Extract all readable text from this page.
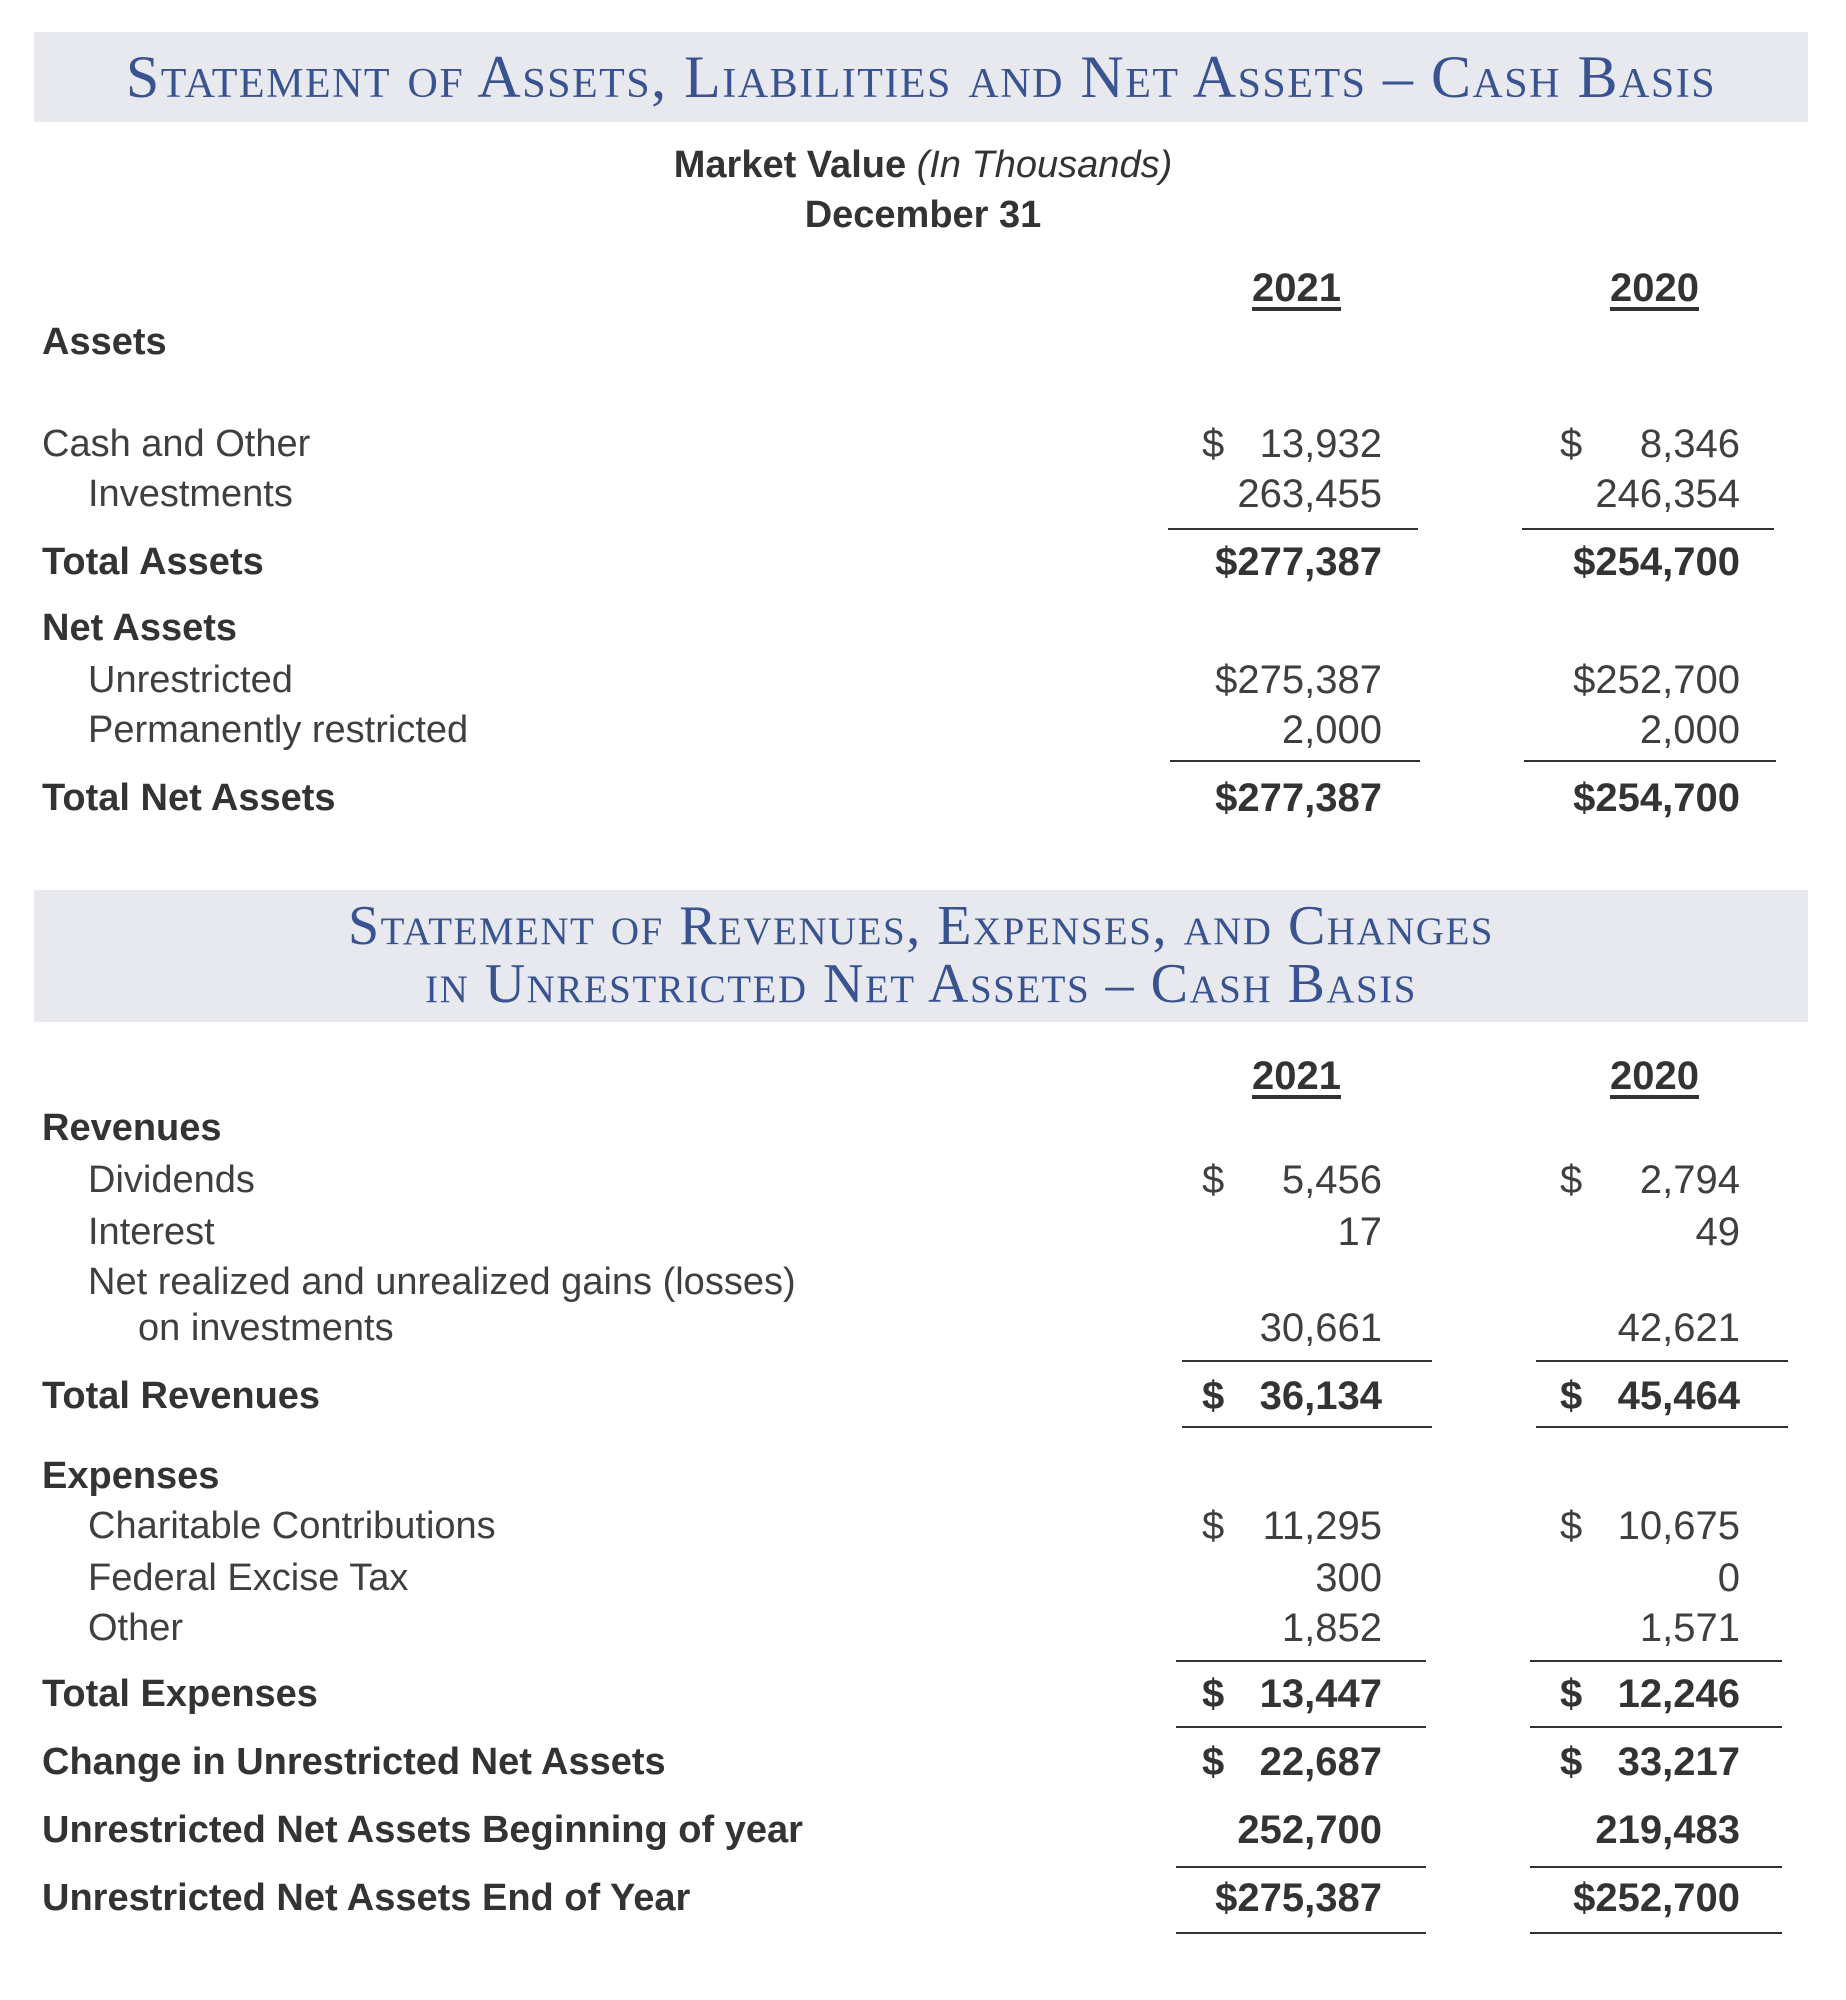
Statement of Assets, Liabilities and Net Assets – Cash Basis
Market Value (In Thousands)
December 31
2021	2020
Assets
Cash and Other	$ 13,932	$ 8,346
Investments	263,455	246,354
Total Assets	$277,387	$254,700
Net Assets
Unrestricted	$275,387	$252,700
Permanently restricted	2,000	2,000
Total Net Assets	$277,387	$254,700
Statement of Revenues, Expenses, and Changes
in Unrestricted Net Assets – Cash Basis
2021	2020
Revenues
Dividends	$ 5,456	$ 2,794
Interest	17	49
Net realized and unrealized gains (losses)
on investments	30,661	42,621
Total Revenues	$ 36,134	$ 45,464
Expenses
Charitable Contributions	$ 11,295	$ 10,675
Federal Excise Tax	300	0
Other	1,852	1,571
Total Expenses	$ 13,447	$ 12,246
Change in Unrestricted Net Assets	$ 22,687	$ 33,217
Unrestricted Net Assets Beginning of year	252,700	219,483
Unrestricted Net Assets End of Year	$275,387	$252,700
